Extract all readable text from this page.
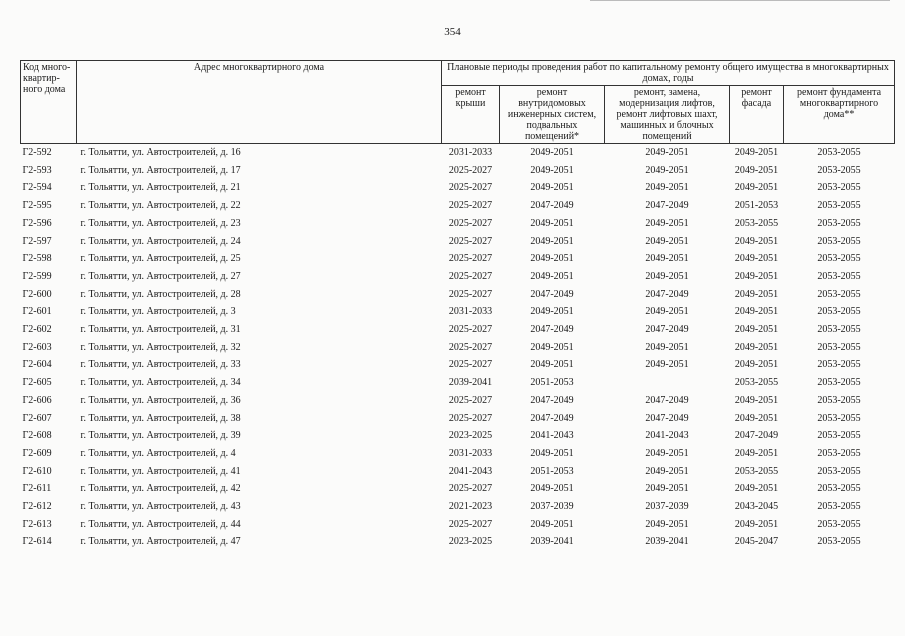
354
Код много-квартир-ного дома	Адрес многоквартирного дома	Плановые периоды проведения работ по капитальному ремонту общего имущества в многоквартирных домах, годы				
		ремонт крыши	ремонт внутридомовых инженерных систем, подвальных помещений*	ремонт, замена, модернизация лифтов, ремонт лифтовых шахт, машинных и блочных помещений	ремонт фасада	ремонт фундамента многоквартирного дома**
Г2-592	г. Тольятти, ул. Автостроителей, д. 16	2031-2033	2049-2051	2049-2051	2049-2051	2053-2055
Г2-593	г. Тольятти, ул. Автостроителей, д. 17	2025-2027	2049-2051	2049-2051	2049-2051	2053-2055
Г2-594	г. Тольятти, ул. Автостроителей, д. 21	2025-2027	2049-2051	2049-2051	2049-2051	2053-2055
Г2-595	г. Тольятти, ул. Автостроителей, д. 22	2025-2027	2047-2049	2047-2049	2051-2053	2053-2055
Г2-596	г. Тольятти, ул. Автостроителей, д. 23	2025-2027	2049-2051	2049-2051	2053-2055	2053-2055
Г2-597	г. Тольятти, ул. Автостроителей, д. 24	2025-2027	2049-2051	2049-2051	2049-2051	2053-2055
Г2-598	г. Тольятти, ул. Автостроителей, д. 25	2025-2027	2049-2051	2049-2051	2049-2051	2053-2055
Г2-599	г. Тольятти, ул. Автостроителей, д. 27	2025-2027	2049-2051	2049-2051	2049-2051	2053-2055
Г2-600	г. Тольятти, ул. Автостроителей, д. 28	2025-2027	2047-2049	2047-2049	2049-2051	2053-2055
Г2-601	г. Тольятти, ул. Автостроителей, д. 3	2031-2033	2049-2051	2049-2051	2049-2051	2053-2055
Г2-602	г. Тольятти, ул. Автостроителей, д. 31	2025-2027	2047-2049	2047-2049	2049-2051	2053-2055
Г2-603	г. Тольятти, ул. Автостроителей, д. 32	2025-2027	2049-2051	2049-2051	2049-2051	2053-2055
Г2-604	г. Тольятти, ул. Автостроителей, д. 33	2025-2027	2049-2051	2049-2051	2049-2051	2053-2055
Г2-605	г. Тольятти, ул. Автостроителей, д. 34	2039-2041	2051-2053		2053-2055	2053-2055
Г2-606	г. Тольятти, ул. Автостроителей, д. 36	2025-2027	2047-2049	2047-2049	2049-2051	2053-2055
Г2-607	г. Тольятти, ул. Автостроителей, д. 38	2025-2027	2047-2049	2047-2049	2049-2051	2053-2055
Г2-608	г. Тольятти, ул. Автостроителей, д. 39	2023-2025	2041-2043	2041-2043	2047-2049	2053-2055
Г2-609	г. Тольятти, ул. Автостроителей, д. 4	2031-2033	2049-2051	2049-2051	2049-2051	2053-2055
Г2-610	г. Тольятти, ул. Автостроителей, д. 41	2041-2043	2051-2053	2049-2051	2053-2055	2053-2055
Г2-611	г. Тольятти, ул. Автостроителей, д. 42	2025-2027	2049-2051	2049-2051	2049-2051	2053-2055
Г2-612	г. Тольятти, ул. Автостроителей, д. 43	2021-2023	2037-2039	2037-2039	2043-2045	2053-2055
Г2-613	г. Тольятти, ул. Автостроителей, д. 44	2025-2027	2049-2051	2049-2051	2049-2051	2053-2055
Г2-614	г. Тольятти, ул. Автостроителей, д. 47	2023-2025	2039-2041	2039-2041	2045-2047	2053-2055
